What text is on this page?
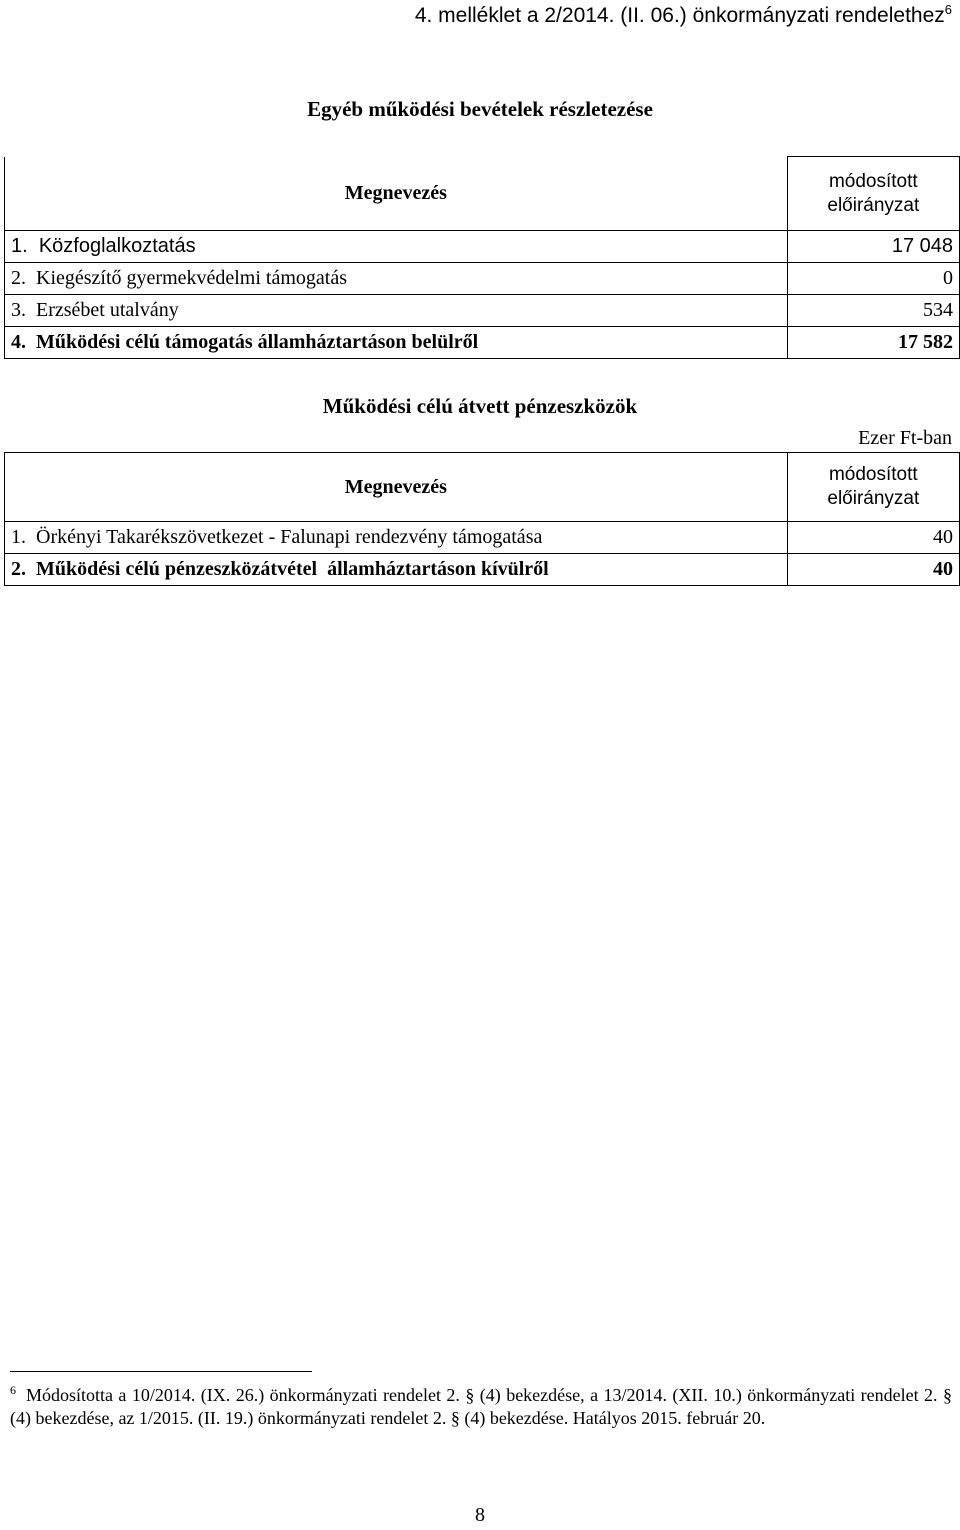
4. melléklet a 2/2014. (II. 06.) önkormányzati rendelethez$^6$
Egyéb működési bevételek részletezése
Megnevezés	módosított előirányzat
1. Közfoglalkoztatás	17 048
2. Kiegészítő gyermekvédelmi támogatás	0
3. Erzsébet utalvány	534
4. Működési célú támogatás államháztartáson belülről	17 582
Működési célú átvett pénzeszközök
Ezer Ft-ban
Megnevezés	módosított előirányzat
1. Örkényi Takarékszövetkezet - Falunapi rendezvény támogatása	40
2. Működési célú pénzeszközátvétel  államháztartáson kívülről	40
$^6$ Módosította a 10/2014. (IX. 26.) önkormányzati rendelet 2. § (4) bekezdése, a 13/2014. (XII. 10.) önkormányzati rendelet 2. § (4) bekezdése, az 1/2015. (II. 19.) önkormányzati rendelet 2. § (4) bekezdése. Hatályos 2015. február 20.
8
